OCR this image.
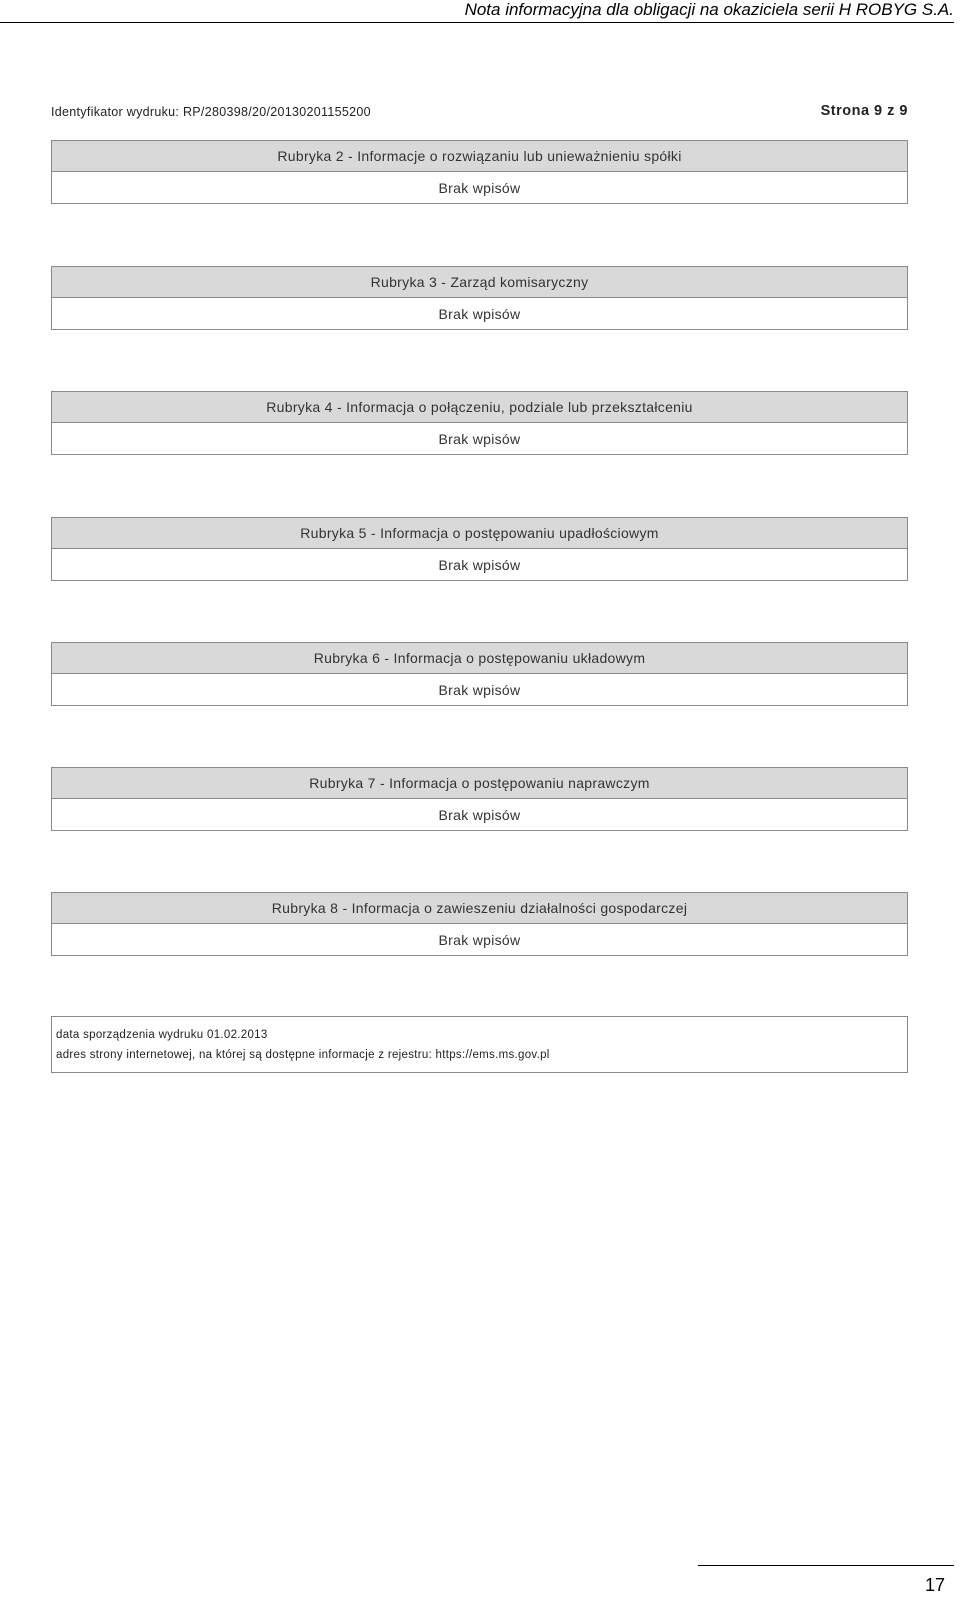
Nota informacyjna dla obligacji na okaziciela serii H ROBYG S.A.
Identyfikator wydruku: RP/280398/20/20130201155200	Strona 9 z 9
Rubryka 2 - Informacje o rozwiązaniu lub unieważnieniu spółki
Brak wpisów
Rubryka 3 - Zarząd komisaryczny
Brak wpisów
Rubryka 4 - Informacja o połączeniu, podziale lub przekształceniu
Brak wpisów
Rubryka 5 - Informacja o postępowaniu upadłościowym
Brak wpisów
Rubryka 6 - Informacja o postępowaniu układowym
Brak wpisów
Rubryka 7 - Informacja o postępowaniu naprawczym
Brak wpisów
Rubryka 8 - Informacja o zawieszeniu działalności gospodarczej
Brak wpisów
data sporządzenia wydruku 01.02.2013
adres strony internetowej, na której są dostępne informacje z rejestru: https://ems.ms.gov.pl
17
